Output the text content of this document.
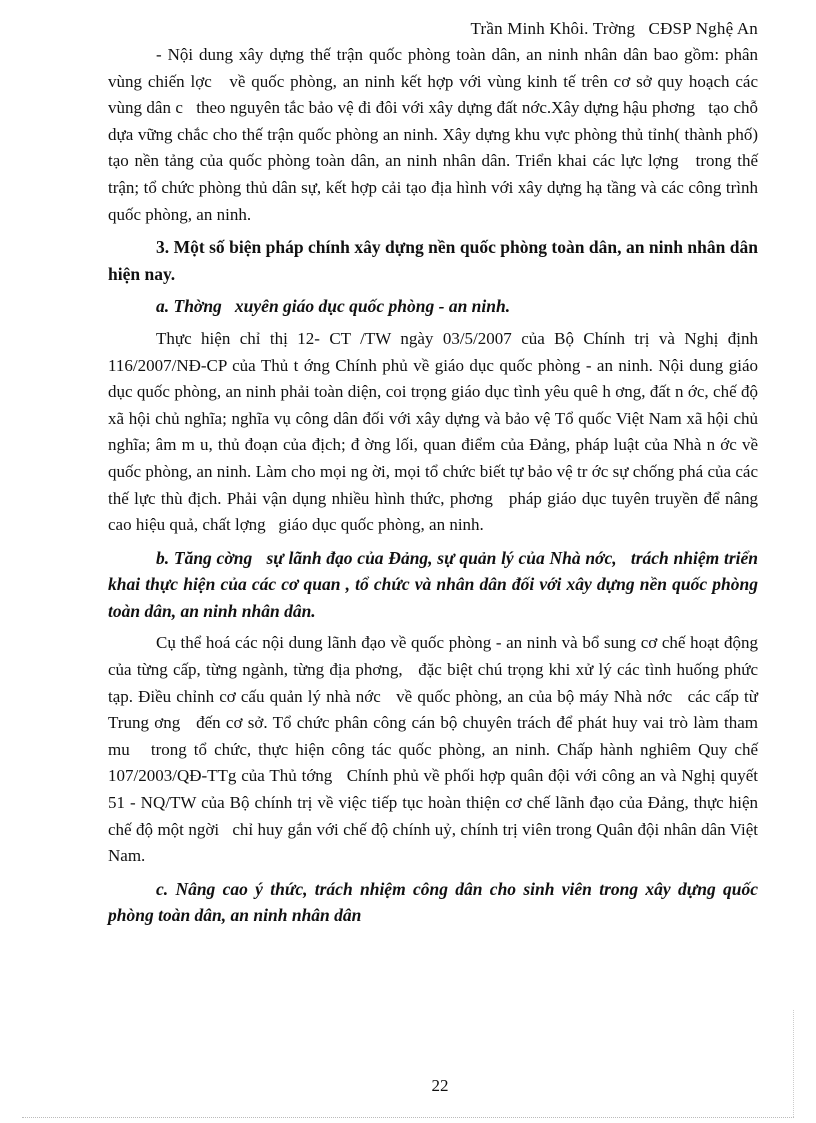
Trần Minh Khôi. Trờng   CĐSP Nghệ An

- Nội dung xây dựng thế trận quốc phòng toàn dân, an ninh nhân dân bao gồm: phân vùng chiến lợc   về quốc phòng, an ninh kết hợp với vùng kinh tế trên cơ sở quy hoạch các vùng dân c   theo nguyên tắc bảo vệ đi đôi với xây dựng đất nớc.Xây dựng hậu phơng   tạo chỗ dựa vững chắc cho thế trận quốc phòng an ninh. Xây dựng khu vực phòng thủ tỉnh( thành phố) tạo nền tảng của quốc phòng toàn dân, an ninh nhân dân. Triển khai các lực lợng   trong thế trận; tổ chức phòng thủ dân sự, kết hợp cải tạo địa hình với xây dựng hạ tầng và các công trình quốc phòng, an ninh.

3. Một số biện pháp chính xây dựng nền quốc phòng toàn dân, an ninh nhân dân hiện nay.

a. Thờng   xuyên giáo dục quốc phòng - an ninh.

Thực hiện chỉ thị 12- CT /TW ngày 03/5/2007 của Bộ Chính trị và Nghị định 116/2007/NĐ-CP của Thủ t ớng Chính phủ về giáo dục quốc phòng - an ninh. Nội dung giáo dục quốc phòng, an ninh phải toàn diện, coi trọng giáo dục tình yêu quê h ơng, đất n ớc, chế độ xã hội chủ nghĩa; nghĩa vụ công dân đối với xây dựng và bảo vệ Tổ quốc Việt Nam xã hội chủ nghĩa; âm m u, thủ đoạn của địch; đ ờng lối, quan điểm của Đảng, pháp luật của Nhà n ớc về quốc phòng, an ninh. Làm cho mọi ng ời, mọi tổ chức biết tự bảo vệ tr ớc sự chống phá của các thế lực thù địch. Phải vận dụng nhiều hình thức, phơng   pháp giáo dục tuyên truyền để nâng cao hiệu quả, chất lợng   giáo dục quốc phòng, an ninh.

b. Tăng cờng   sự lãnh đạo của Đảng, sự quản lý của Nhà nớc,   trách nhiệm triển khai thực hiện của các cơ quan , tổ chức và nhân dân đối với xây dựng nền quốc phòng toàn dân, an ninh nhân dân.

Cụ thể hoá các nội dung lãnh đạo về quốc phòng - an ninh và bổ sung cơ chế hoạt động của từng cấp, từng ngành, từng địa phơng,   đặc biệt chú trọng khi xử lý các tình huống phức tạp. Điều chỉnh cơ cấu quản lý nhà nớc   về quốc phòng, an của bộ máy Nhà nớc   các cấp từ Trung ơng   đến cơ sở. Tổ chức phân công cán bộ chuyên trách để phát huy vai trò làm tham mu   trong tổ chức, thực hiện công tác quốc phòng, an ninh. Chấp hành nghiêm Quy chế 107/2003/QĐ-TTg của Thủ tớng   Chính phủ về phối hợp quân đội với công an và Nghị quyết 51 - NQ/TW của Bộ chính trị về việc tiếp tục hoàn thiện cơ chế lãnh đạo của Đảng, thực hiện chế độ một ngời   chỉ huy gắn với chế độ chính uỷ, chính trị viên trong Quân đội nhân dân Việt Nam.

c. Nâng cao ý thức, trách nhiệm công dân cho sinh viên trong xây dựng quốc phòng toàn dân, an ninh nhân dân

22
